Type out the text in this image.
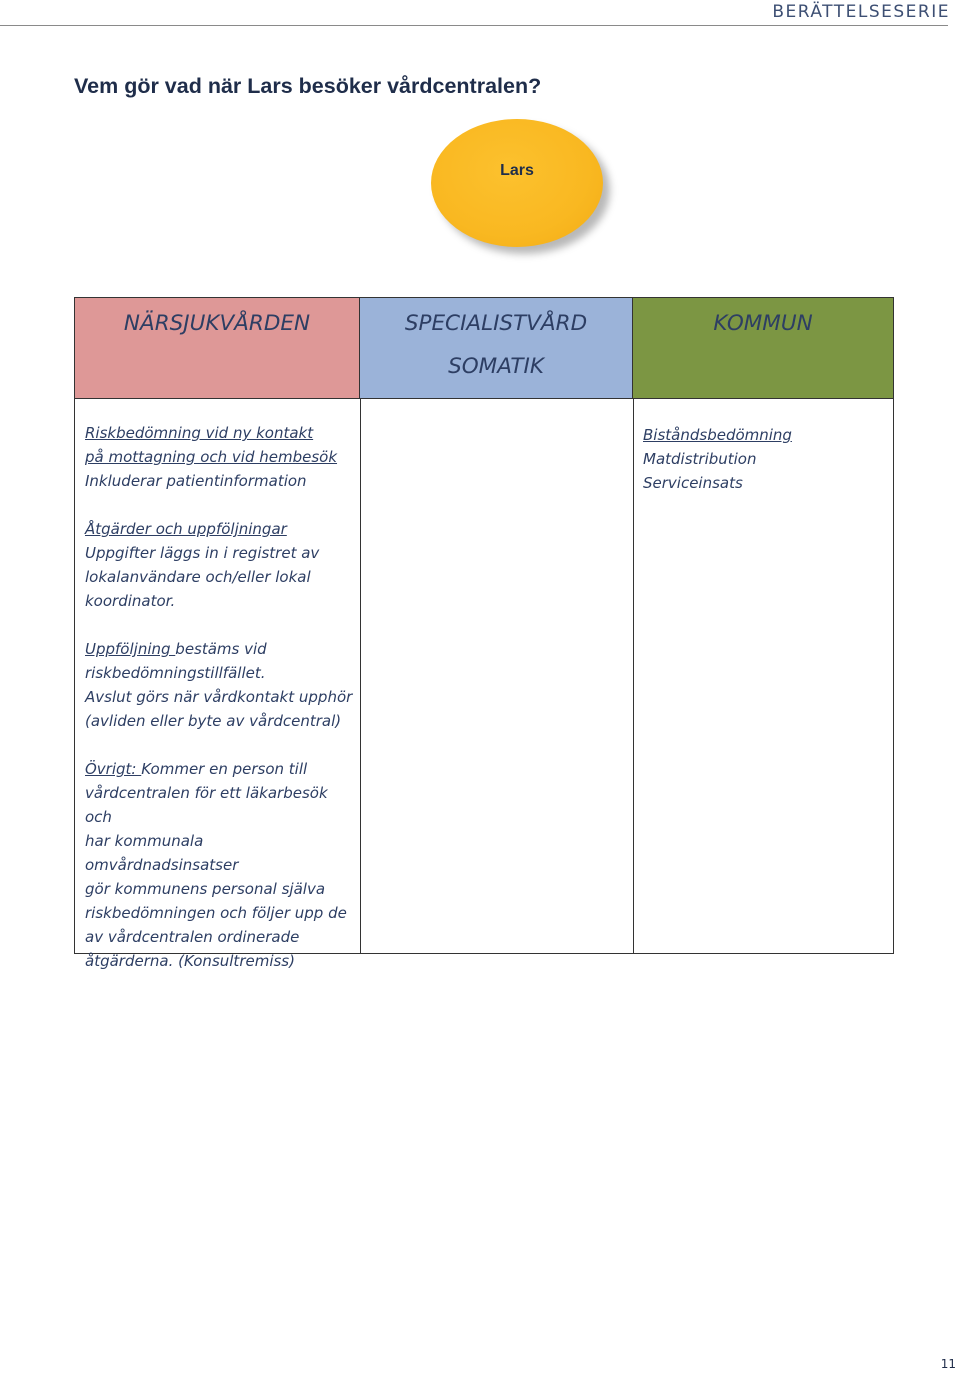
BERÄTTELSESERIE
Vem gör vad när Lars besöker vårdcentralen?
Lars
NÄRSJUKVÅRDEN	SPECIALISTVÅRD
SOMATIK
KOMMUN

Riskbedömning vid ny kontakt

på mottagning och vid hembesök

Inkluderar patientinformation

Åtgärder och uppföljningar

Uppgifter läggs in i registret av

lokalanvändare och/eller lokal

koordinator.

Uppföljning bestäms vid

riskbedömningstillfället.

Avslut görs när vårdkontakt upphör

(avliden eller byte av vårdcentral)

Övrigt: Kommer en person till

vårdcentralen för ett läkarbesök och

har kommunala omvårdnadsinsatser

gör kommunens personal själva

riskbedömningen och följer upp de

av vårdcentralen ordinerade

åtgärderna. (Konsultremiss)

Biståndsbedömning

Matdistribution

Serviceinsats

11
